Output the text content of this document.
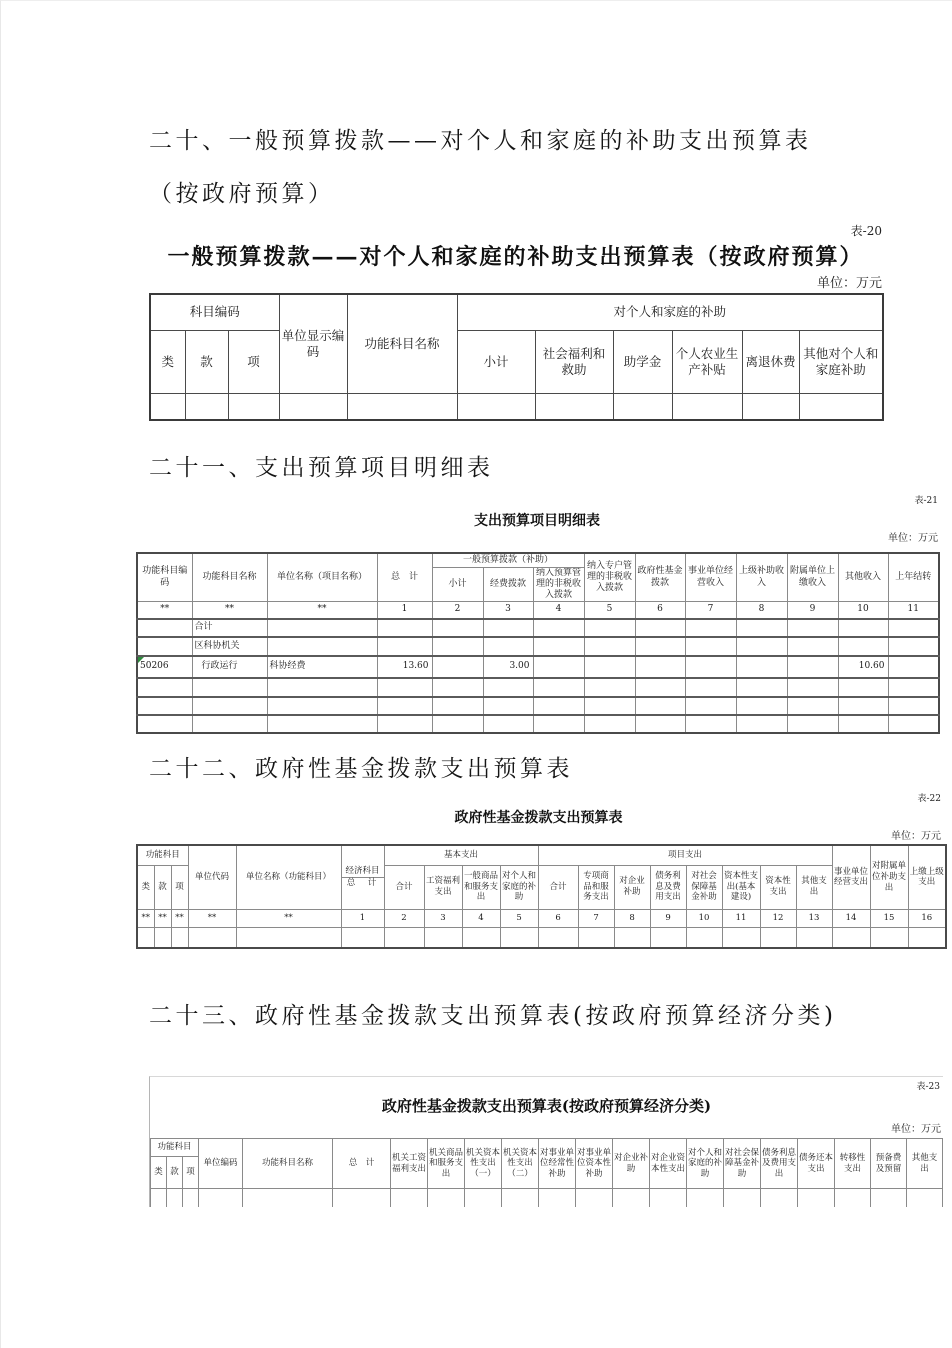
二十、一般预算拨款——对个人和家庭的补助支出预算表
（按政府预算）
表-20
一般预算拨款——对个人和家庭的补助支出预算表（按政府预算）
单位：万元
科目编码			单位显示编码	功能科目名称	对个人和家庭的补助					
类	款	项			小计	社会福利和救助	助学金	个人农业生产补贴	离退休费	其他对个人和家庭补助

二十一、支出预算项目明细表
表-21
支出预算项目明细表
单位：万元
功能科目编码	功能科目名称	单位名称（项目名称）	总　计	一般预算拨款（补助）			纳入专户管理的非税收入拨款	政府性基金拨款	事业单位经营收入	上级补助收入	附属单位上缴收入	其他收入	上年结转
				小计	经费拨款	纳入预算管理的非税收入拨款							
**	**	**	1	2	3	4	5	6	7	8	9	10	11
	合计												
	区科协机关												

50206	行政运行	科协经费	13.60		3.00							10.60	

二十二、政府性基金拨款支出预算表
表-22
政府性基金拨款支出预算表
单位：万元
功能科目			单位代码	单位名称（功能科目）	经济科目
总　计	基本支出				项目支出								事业单位经营支出	对附属单位补助支出	上缴上级支出
类	款	项				合计	工资福利支出	一般商品和服务支出	对个人和家庭的补助	合计	专项商品和服务支出	对企业补助	债务利息及费用支出	对社会保障基金补助	资本性支出(基本建设)	资本性支出	其他支出			
**	**	**	**	**	1	2	3	4	5	6	7	8	9	10	11	12	13	14	15	16

二十三、政府性基金拨款支出预算表(按政府预算经济分类)
表-23
政府性基金拨款支出预算表(按政府预算经济分类)
单位：万元
功能科目			单位编码	功能科目名称	总　计	机关工资福利支出	机关商品和服务支出	机关资本性支出（一）	机关资本性支出（二）	对事业单位经常性补助	对事业单位资本性补助	对企业补助	对企业资本性支出	对个人和家庭的补助	对社会保障基金补助	债务利息及费用支出	债务还本支出	转移性支出	预备费及预留	其他支出
类	款	项																		
